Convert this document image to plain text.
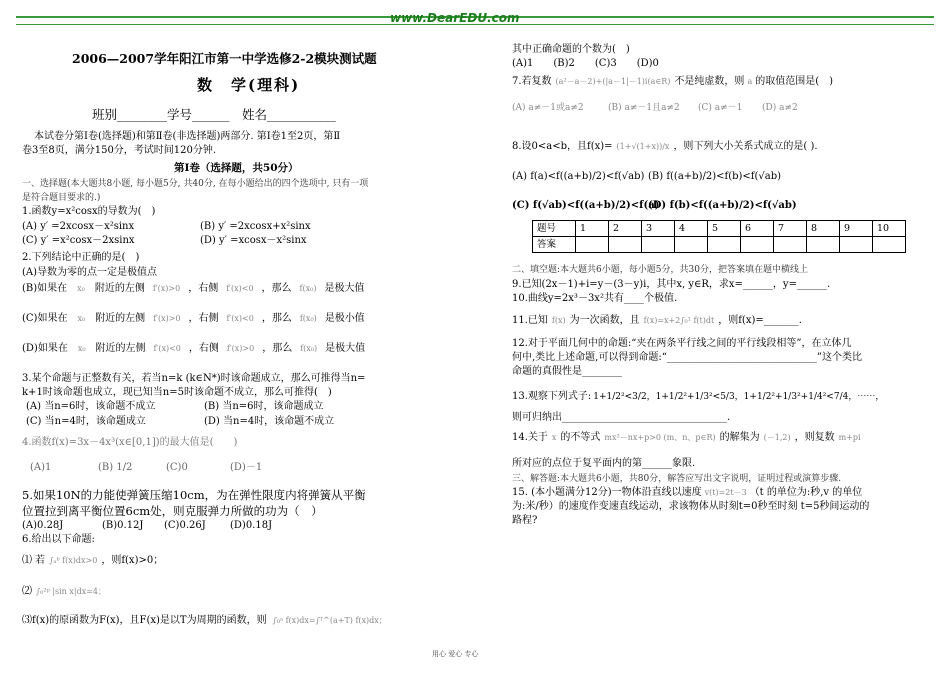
www.DearEDU.com
2006—2007学年阳江市第一中学选修2-2模块测试题
数　学(理科)
班别________学号______　姓名___________
本试卷分第Ⅰ卷(选择题)和第Ⅱ卷(非选择题)两部分. 第Ⅰ卷1至2页，第Ⅱ
卷3至8页，满分150分，考试时间120分钟.
第Ⅰ卷（选择题，共50分）
一、选择题(本大题共8小题, 每小题5分, 共40分, 在每小题给出的四个选项中, 只有一项
是符合题目要求的.)
1.函数y=x²cosx的导数为(　)
(A) y′ =2xcosx－x²sinx	(B) y′ =2xcosx+x²sinx
(C) y′ =x²cosx－2xsinx	(D) y′ =xcosx－x²sinx
2.下列结论中正确的是(　)
(A)导数为零的点一定是极值点
(B)如果在 x₀ 附近的左侧 f′(x)>0 ，右侧 f′(x)<0 ，那么 f(x₀) 是极大值
(C)如果在 x₀ 附近的左侧 f′(x)>0 ，右侧 f′(x)<0 ，那么 f(x₀) 是极小值
(D)如果在 x₀ 附近的左侧 f′(x)<0 ，右侧 f′(x)>0 ，那么 f(x₀) 是极大值
3.某个命题与正整数有关，若当n=k (k∈N*)时该命题成立，那么可推得当n=
k+1时该命题也成立，现已知当n=5时该命题不成立，那么可推得(　)
(A) 当n=6时，该命题不成立	(B) 当n=6时，该命题成立
(C) 当n=4时，该命题成立	(D) 当n=4时，该命题不成立
4.函数f(x)=3x－4x³(x∈[0,1])的最大值是(　　)
(A)1	(B) 1/2	(C)0	(D)－1
5.如果10N的力能使弹簧压缩10cm，为在弹性限度内将弹簧从平衡
位置拉到离平衡位置6cm处，则克服弹力所做的功为（　）
(A)0.28J	(B)0.12J (C)0.26J (D)0.18J
6.给出以下命题:
⑴ 若 ∫ₐᵇ f(x)dx>0 ，则f(x)>0；
⑵ ∫₀²ᵖ |sin x|dx=4；
⑶f(x)的原函数为F(x)，且F(x)是以T为周期的函数，则 ∫₀ᵃ f(x)dx=∫ᵀ^(a+T) f(x)dx；
其中正确命题的个数为(　)
(A)1　　(B)2　　(C)3　　(D)0
7.若复数 (a²－a－2)+(|a－1|－1)i(a∈R) 不是纯虚数，则 a 的取值范围是(　)
(A) a≠－1或a≠2	(B) a≠－1且a≠2 (C) a≠－1 (D) a≠2
8.设0<a<b，且f(x)= (1+√(1+x))/x ，则下列大小关系式成立的是( ).
(A) f(a)<f((a+b)/2)<f(√ab) (B) f((a+b)/2)<f(b)<f(√ab)
(C) f(√ab)<f((a+b)/2)<f(a)
(D) f(b)<f((a+b)/2)<f(√ab)
题号	1	2	3	4	5	6	7	8	9	10
答案										
二、填空题:本大题共6小题，每小题5分，共30分，把答案填在题中横线上
9.已知(2x－1)+i=y－(3－y)i，其中x, y∈R，求x=______，y=______.
10.曲线y=2x³－3x²共有____个极值.
11.已知 f(x) 为一次函数，且 f(x)=x+2∫₀¹ f(t)dt ，则f(x)=_______.
12.对于平面几何中的命题:“夹在两条平行线之间的平行线段相等”，在立体几
何中,类比上述命题,可以得到命题:“______________________________”这个类比
命题的真假性是________
13.观察下列式子: 1+1/2²<3/2，1+1/2²+1/3²<5/3，1+1/2²+1/3²+1/4²<7/4，⋯⋯，
则可归纳出_________________________________.
14.关于 x 的不等式 mx²－nx+p>0 (m、n、p∈R) 的解集为 (－1,2) ，则复数 m+pi
所对应的点位于复平面内的第______象限.
三、解答题:本大题共6小题，共80分，解答应写出文字说明，证明过程或演算步骤.
15. (本小题满分12分)一物体沿直线以速度 v(t)=2t－3 （t 的单位为:秒,v 的单位
为:米/秒）的速度作变速直线运动，求该物体从时刻t=0秒至时刻 t=5秒间运动的
路程?
用心 爱心 专心
